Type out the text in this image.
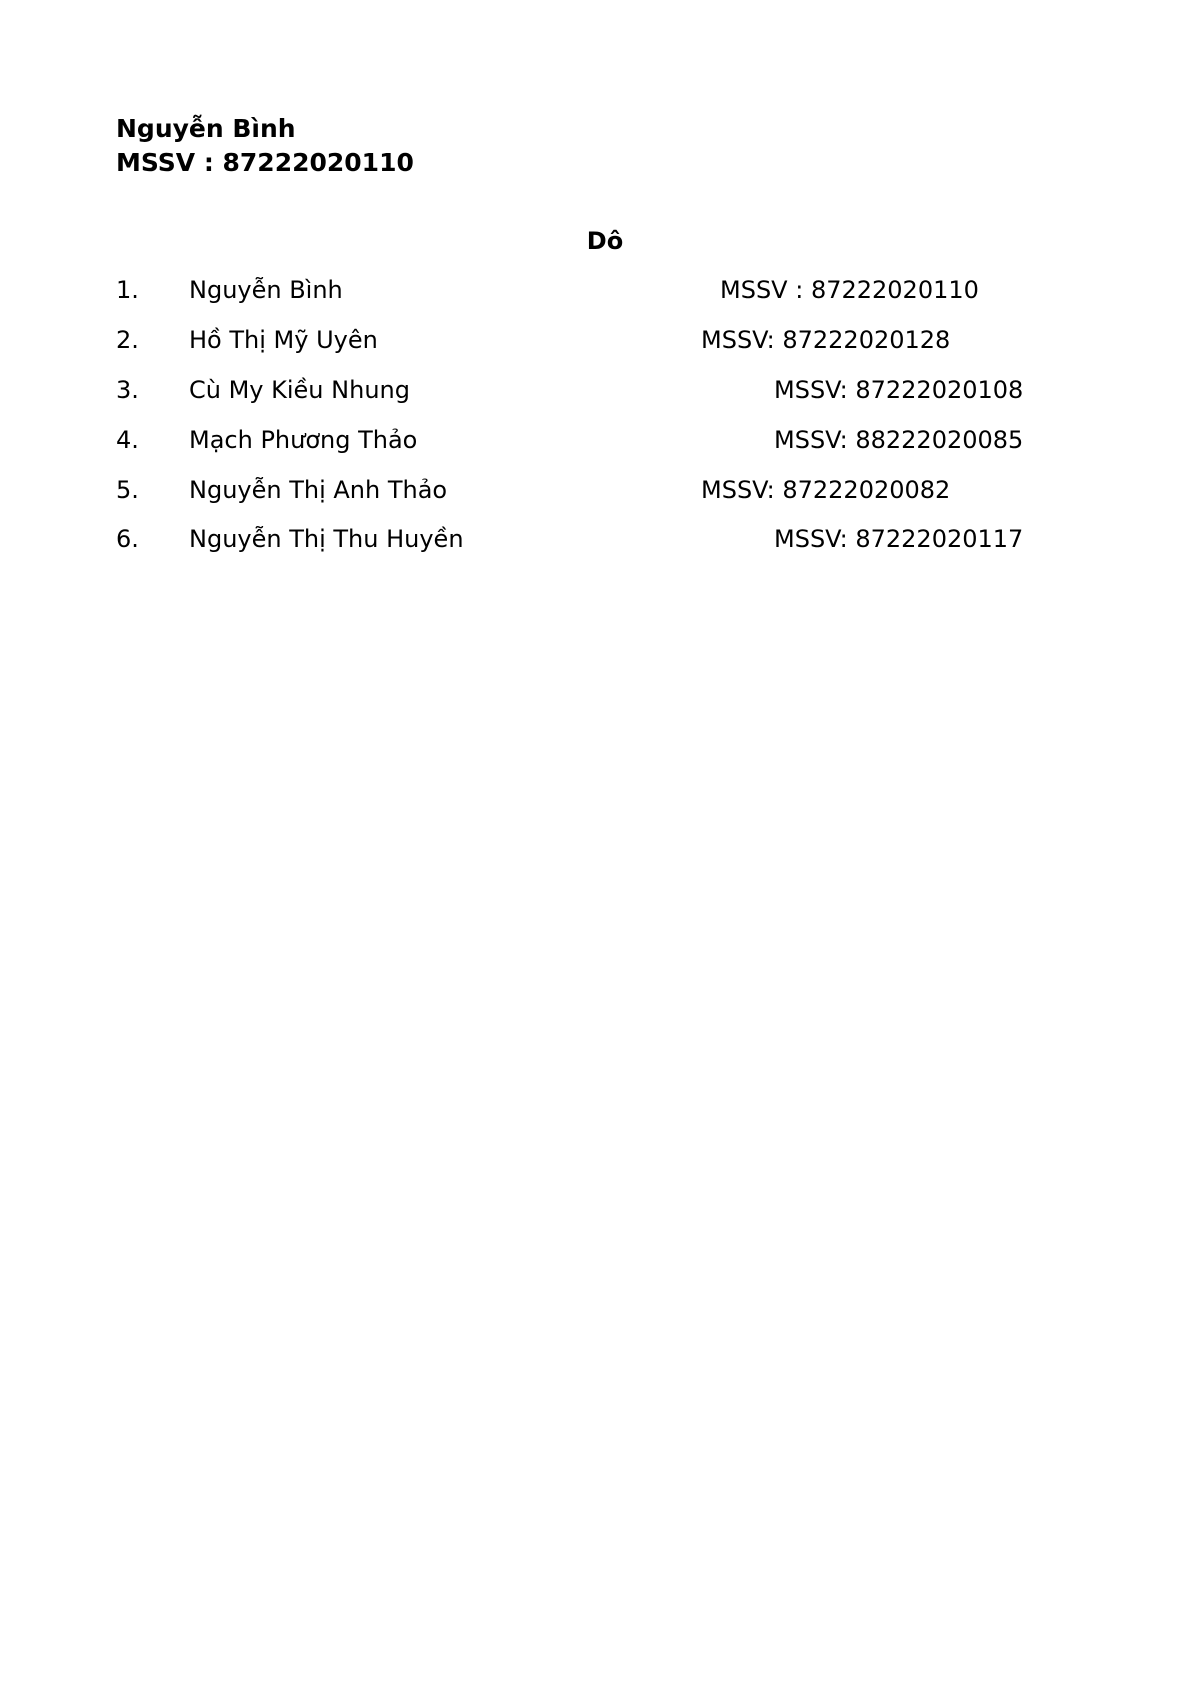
Nguyễn Bình
MSSV : 87222020110
Dô
1. Nguyễn Bình	MSSV : 87222020110
2. Hồ Thị Mỹ Uyên	MSSV: 87222020128
3. Cù My Kiều Nhung	MSSV: 87222020108
4. Mạch Phương Thảo	MSSV: 88222020085
5. Nguyễn Thị Anh Thảo	MSSV: 87222020082
6. Nguyễn Thị Thu Huyền	MSSV: 87222020117
